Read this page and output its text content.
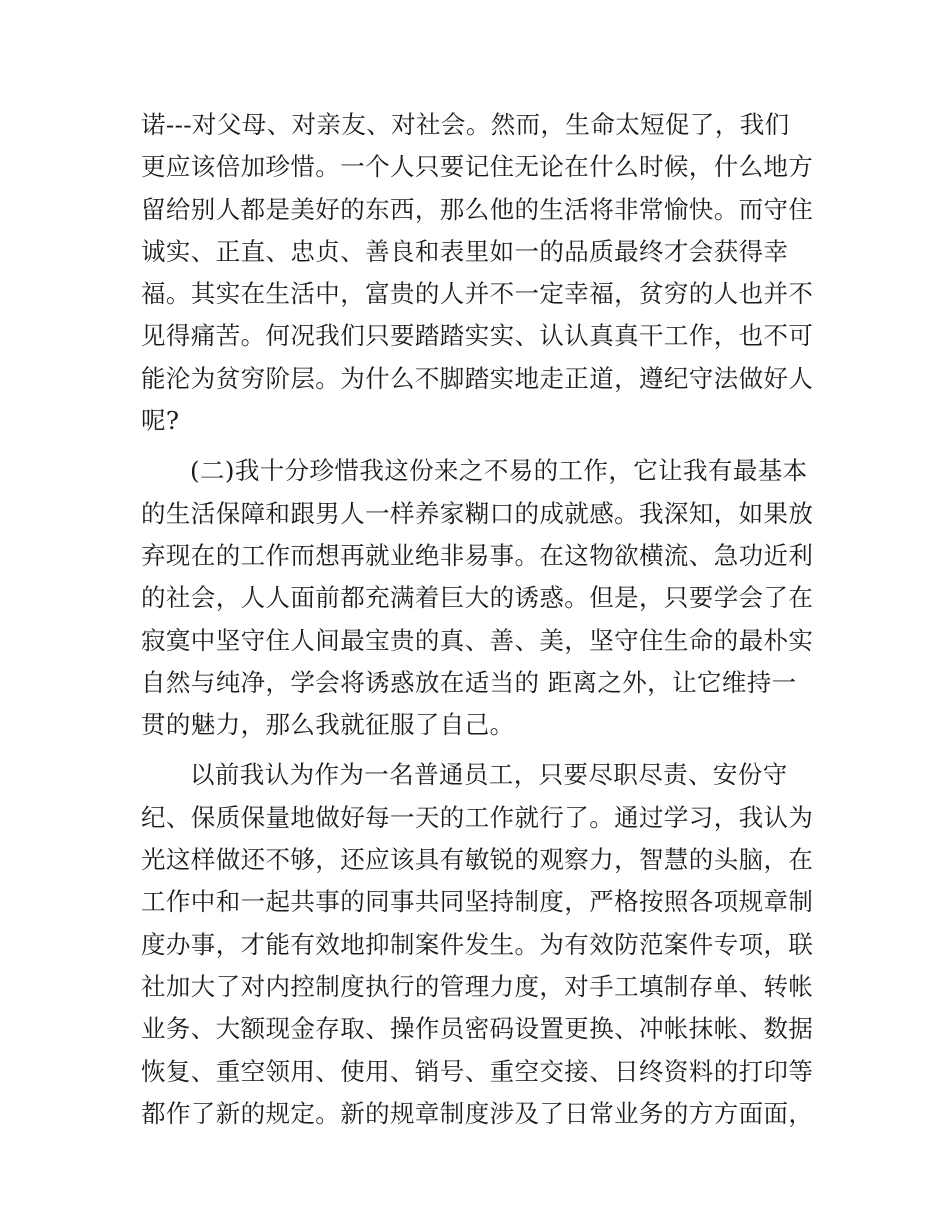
诺---对父母、对亲友、对社会。然而，生命太短促了，我们
更应该倍加珍惜。一个人只要记住无论在什么时候，什么地方
留给别人都是美好的东西，那么他的生活将非常愉快。而守住
诚实、正直、忠贞、善良和表里如一的品质最终才会获得幸
福。其实在生活中，富贵的人并不一定幸福，贫穷的人也并不
见得痛苦。何况我们只要踏踏实实、认认真真干工作，也不可
能沦为贫穷阶层。为什么不脚踏实地走正道，遵纪守法做好人
呢?
(二)我十分珍惜我这份来之不易的工作，它让我有最基本
的生活保障和跟男人一样养家糊口的成就感。我深知，如果放
弃现在的工作而想再就业绝非易事。在这物欲横流、急功近利
的社会，人人面前都充满着巨大的诱惑。但是，只要学会了在
寂寞中坚守住人间最宝贵的真、善、美，坚守住生命的最朴实
自然与纯净，学会将诱惑放在适当的 距离之外，让它维持一
贯的魅力，那么我就征服了自己。
以前我认为作为一名普通员工，只要尽职尽责、安份守
纪、保质保量地做好每一天的工作就行了。通过学习，我认为
光这样做还不够，还应该具有敏锐的观察力，智慧的头脑，在
工作中和一起共事的同事共同坚持制度，严格按照各项规章制
度办事，才能有效地抑制案件发生。为有效防范案件专项，联
社加大了对内控制度执行的管理力度，对手工填制存单、转帐
业务、大额现金存取、操作员密码设置更换、冲帐抹帐、数据
恢复、重空领用、使用、销号、重空交接、日终资料的打印等
都作了新的规定。新的规章制度涉及了日常业务的方方面面，
